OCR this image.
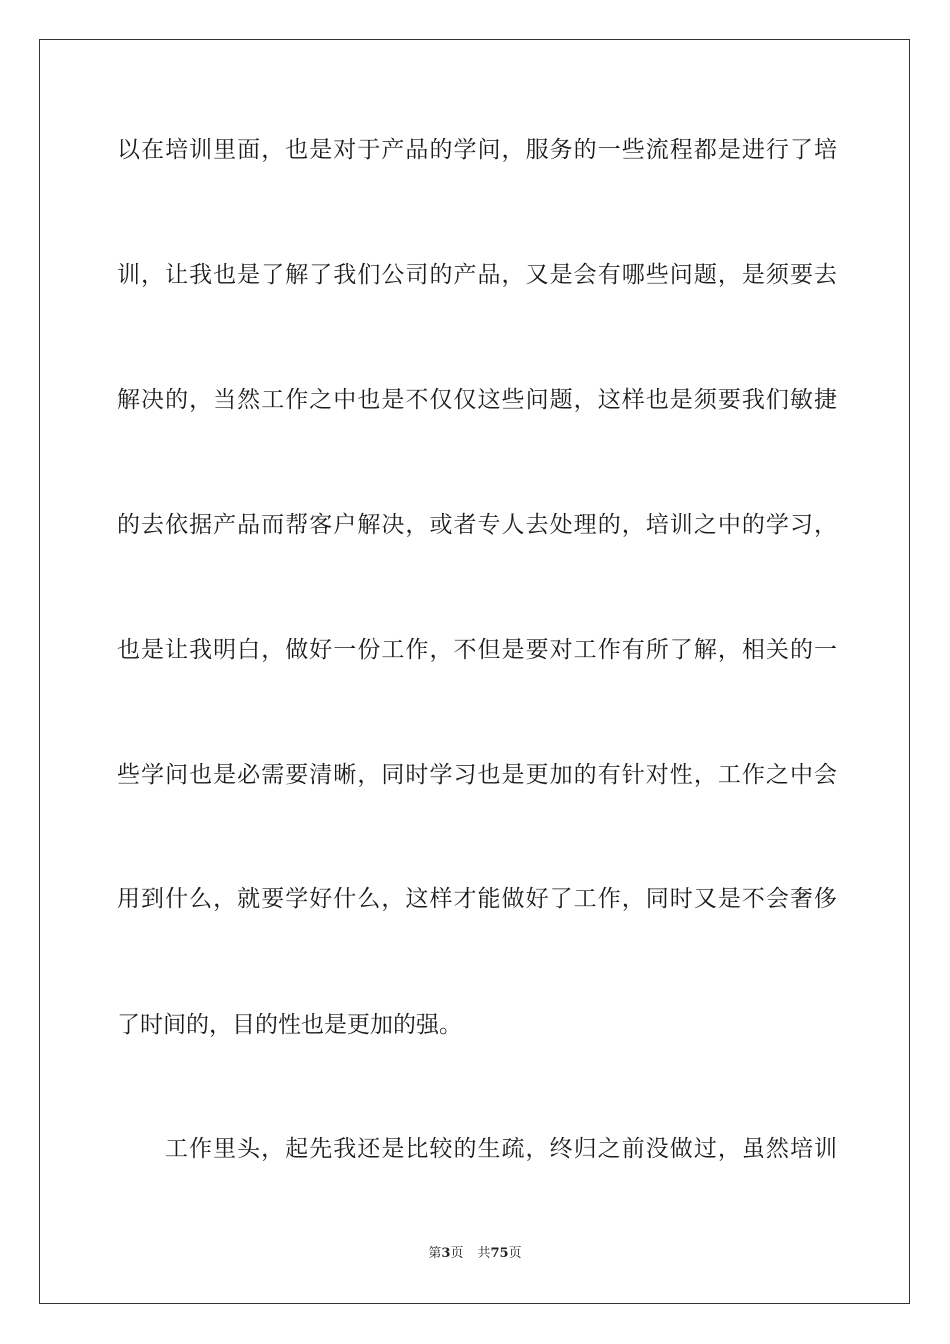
以在培训里面，也是对于产品的学问，服务的一些流程都是进行了培
训，让我也是了解了我们公司的产品，又是会有哪些问题，是须要去
解决的，当然工作之中也是不仅仅这些问题，这样也是须要我们敏捷
的去依据产品而帮客户解决，或者专人去处理的，培训之中的学习，
也是让我明白，做好一份工作，不但是要对工作有所了解，相关的一
些学问也是必需要清晰，同时学习也是更加的有针对性，工作之中会
用到什么，就要学好什么，这样才能做好了工作，同时又是不会奢侈
了时间的，目的性也是更加的强。
工作里头，起先我还是比较的生疏，终归之前没做过，虽然培训
第3页 共75页
